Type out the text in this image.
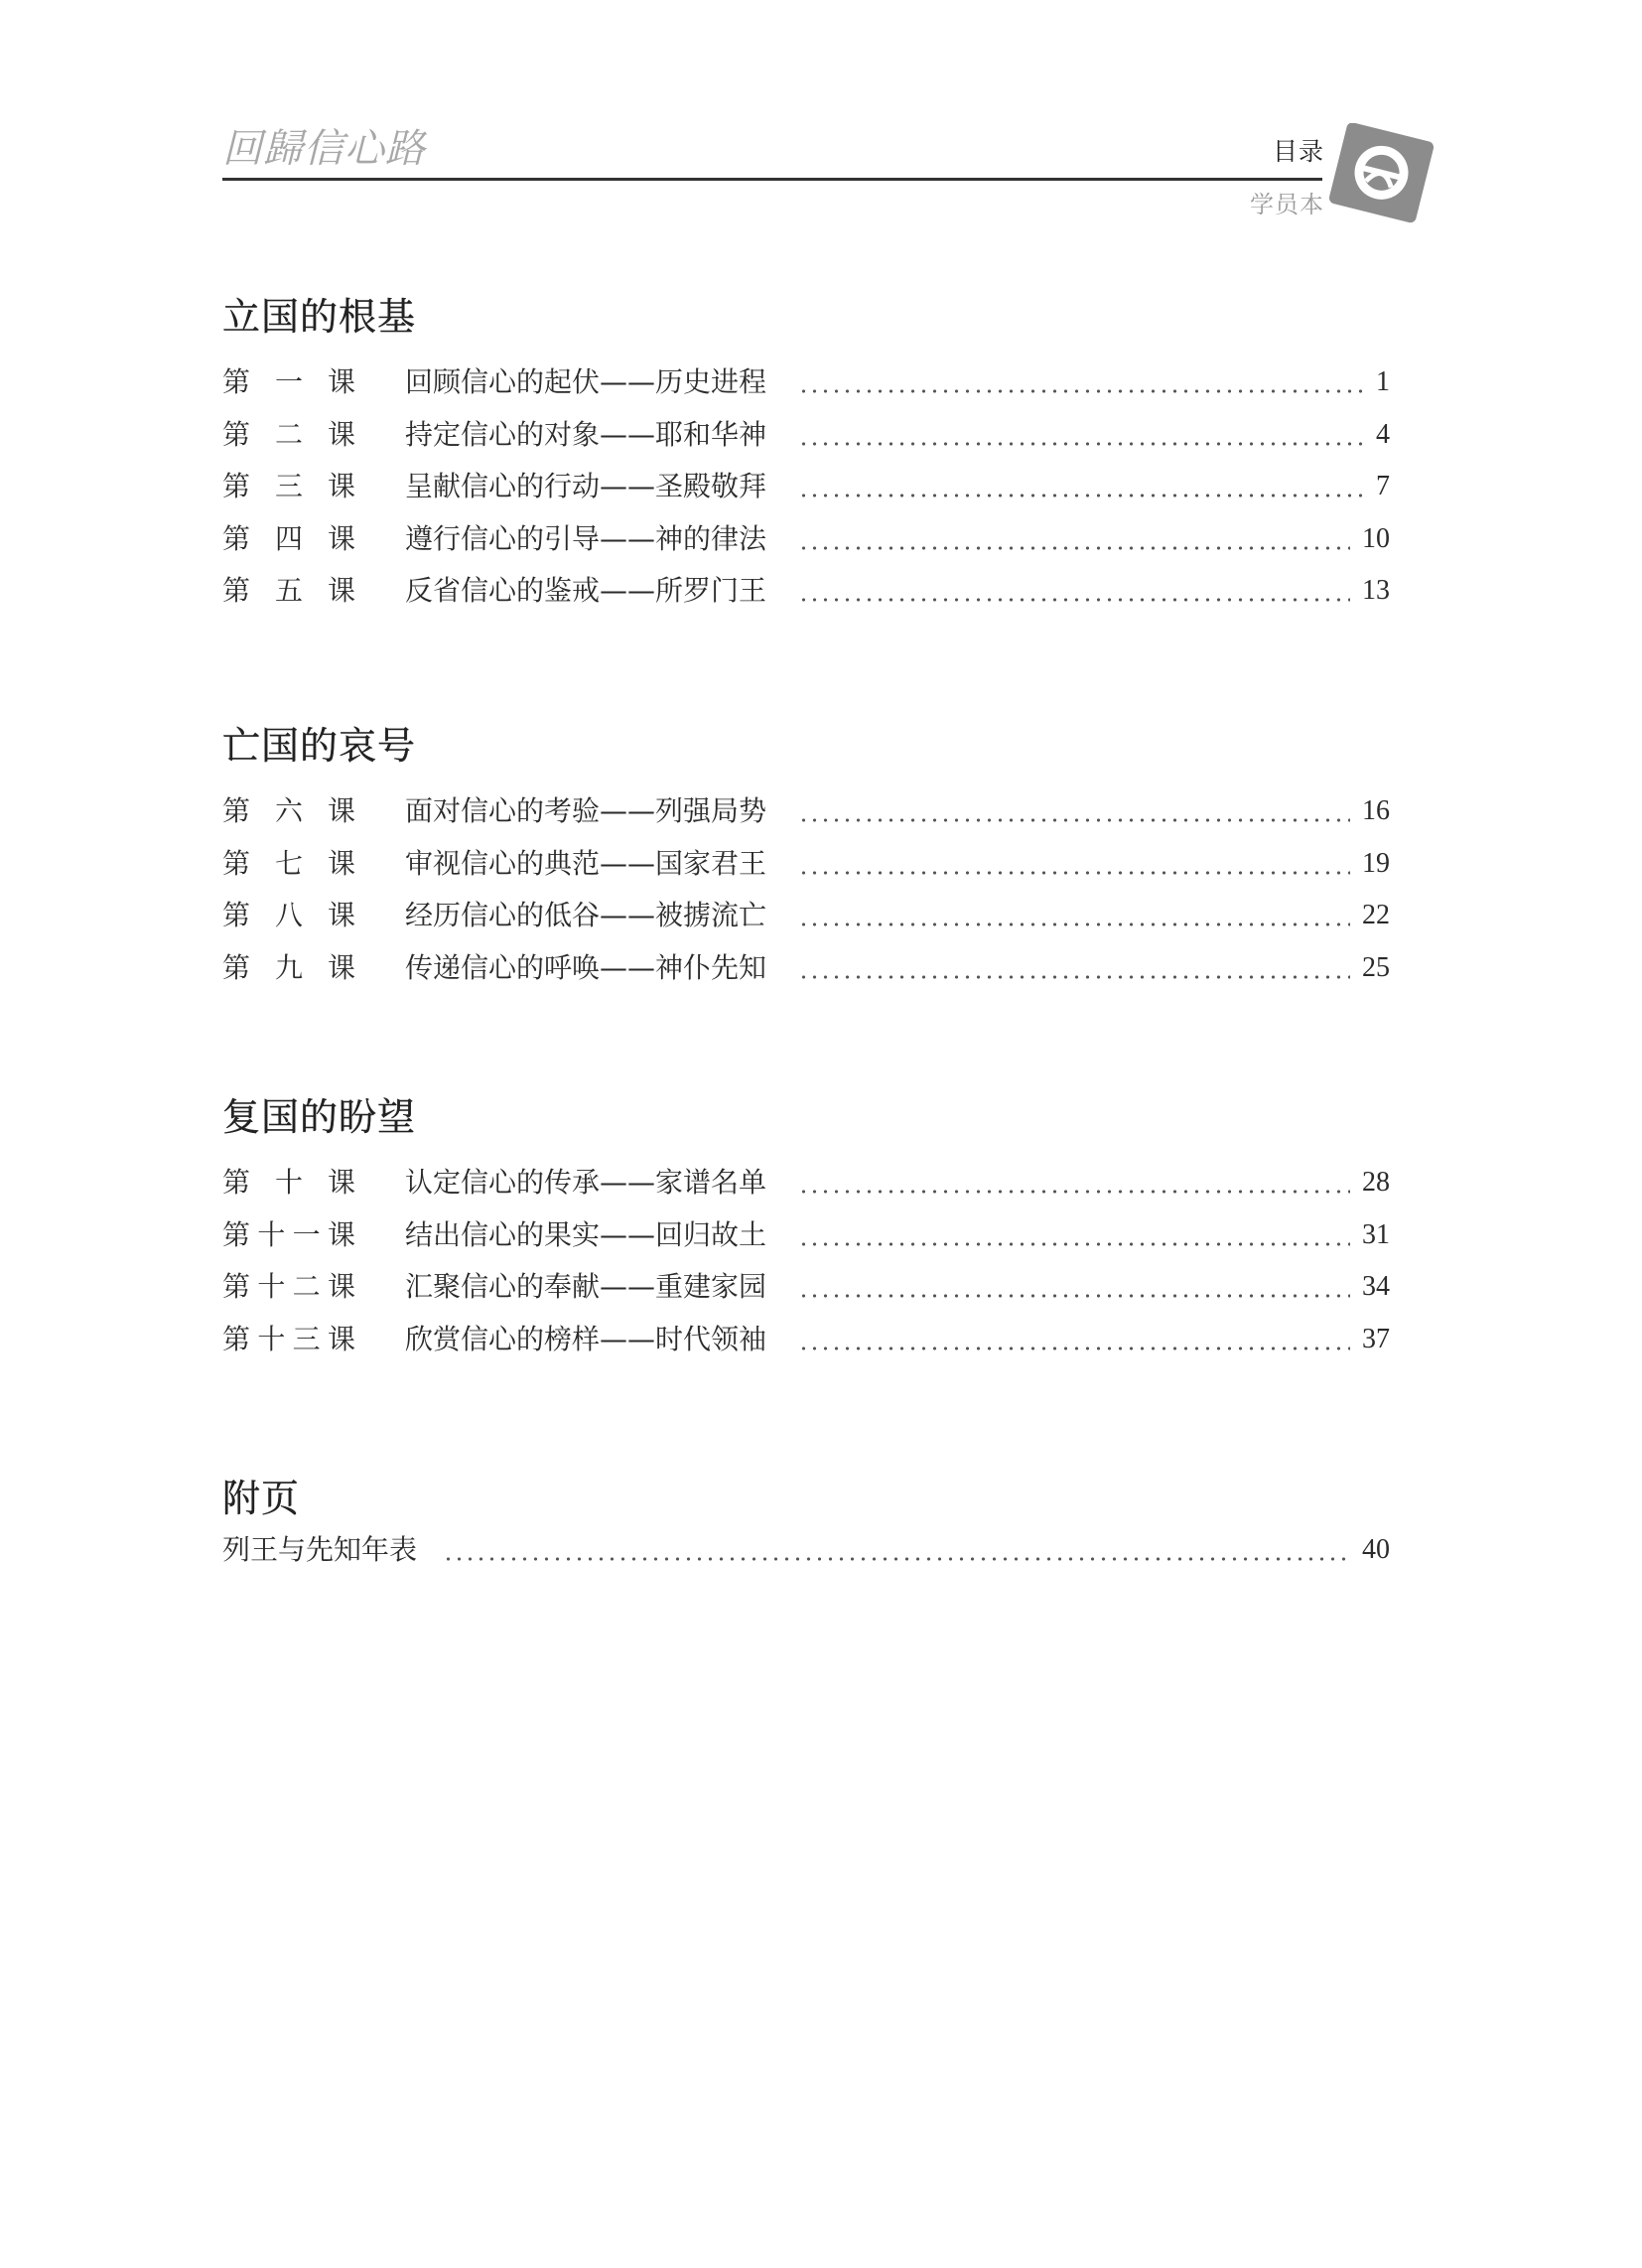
回歸信心路	目录
学员本
立国的根基
第一课 回顾信心的起伏——历史进程	1
第二课 持定信心的对象——耶和华神	4
第三课 呈献信心的行动——圣殿敬拜	7
第四课 遵行信心的引导——神的律法	10
第五课 反省信心的鉴戒——所罗门王	13
亡国的哀号
第六课 面对信心的考验——列强局势	16
第七课 审视信心的典范——国家君王	19
第八课 经历信心的低谷——被掳流亡	22
第九课 传递信心的呼唤——神仆先知	25
复国的盼望
第十课 认定信心的传承——家谱名单	28
第十一课 结出信心的果实——回归故土	31
第十二课 汇聚信心的奉献——重建家园	34
第十三课 欣赏信心的榜样——时代领袖	37
附页
列王与先知年表	40
